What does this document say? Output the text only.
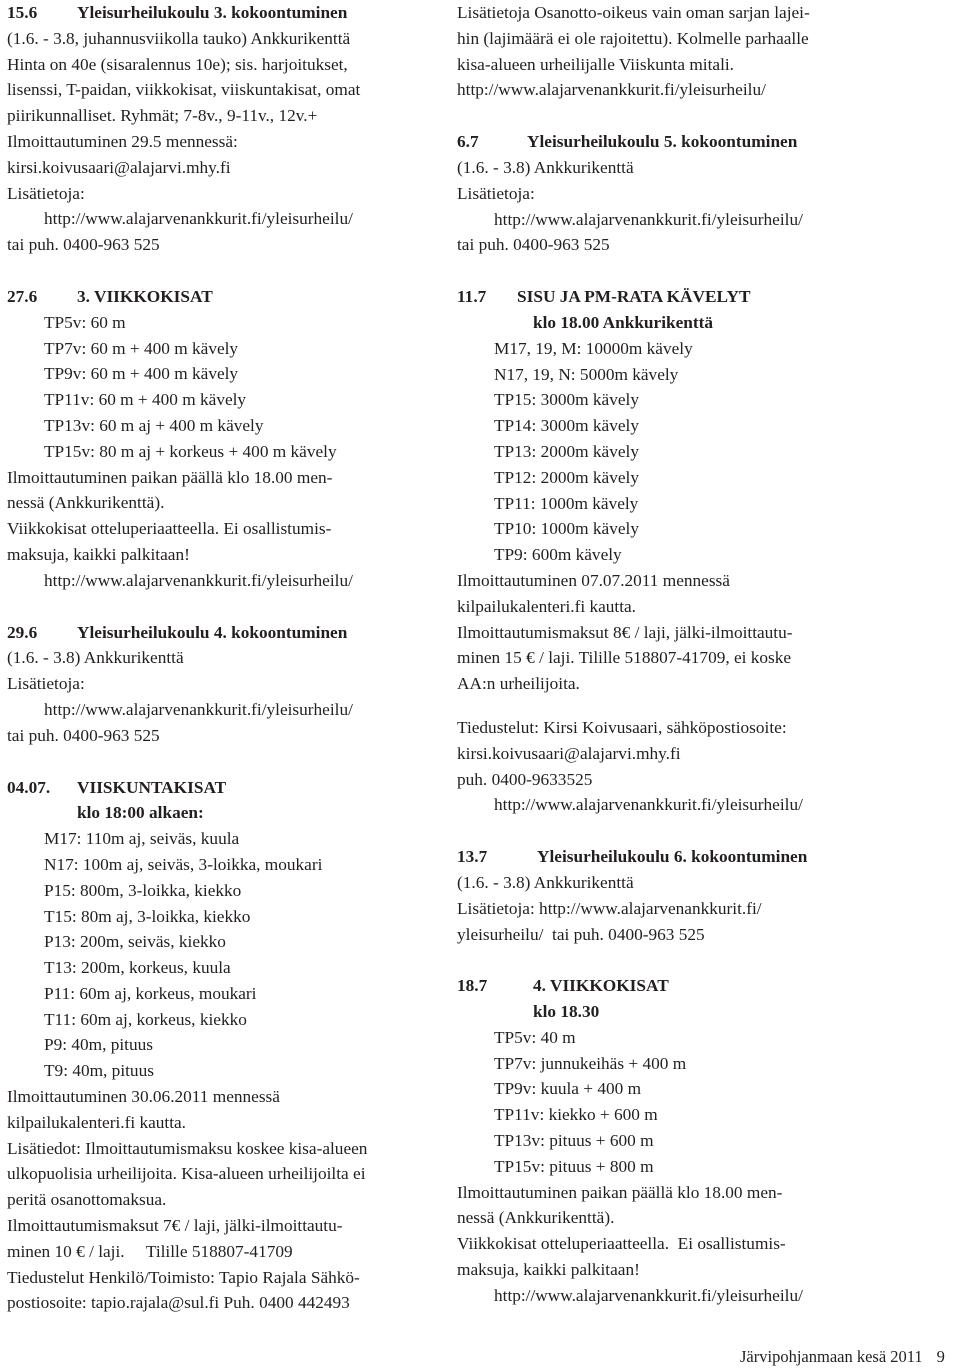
15.6 Yleisurheilukoulu 3. kokoontuminen
(1.6. - 3.8, juhannusviikolla tauko) Ankkurikenttä
Hinta on 40e (sisaralennus 10e); sis. harjoitukset,
lisenssi, T-paidan, viikkokisat, viiskuntakisat, omat
piirikunnalliset. Ryhmät; 7-8v., 9-11v., 12v.+
Ilmoittautuminen 29.5 mennessä:
kirsi.koivusaari@alajarvi.mhy.fi
Lisätietoja:
http://www.alajarvenankkurit.fi/yleisurheilu/
tai puh. 0400-963 525
27.6 3. VIIKKOKISAT
TP5v: 60 m
TP7v: 60 m + 400 m kävely
TP9v: 60 m + 400 m kävely
TP11v: 60 m + 400 m kävely
TP13v: 60 m aj + 400 m kävely
TP15v: 80 m aj + korkeus + 400 m kävely
Ilmoittautuminen paikan päällä klo 18.00 men-
nessä (Ankkurikenttä).
Viikkokisat otteluperiaatteella. Ei osallistumis-
maksuja, kaikki palkitaan!
http://www.alajarvenankkurit.fi/yleisurheilu/
29.6 Yleisurheilukoulu 4. kokoontuminen
(1.6. - 3.8) Ankkurikenttä
Lisätietoja:
http://www.alajarvenankkurit.fi/yleisurheilu/
tai puh. 0400-963 525
04.07. VIISKUNTAKISAT
klo 18:00 alkaen:
M17: 110m aj, seiväs, kuula
N17: 100m aj, seiväs, 3-loikka, moukari
P15: 800m, 3-loikka, kiekko
T15: 80m aj, 3-loikka, kiekko
P13: 200m, seiväs, kiekko
T13: 200m, korkeus, kuula
P11: 60m aj, korkeus, moukari
T11: 60m aj, korkeus, kiekko
P9: 40m, pituus
T9: 40m, pituus
Ilmoittautuminen 30.06.2011 mennessä
kilpailukalenteri.fi kautta.
Lisätiedot: Ilmoittautumismaksu koskee kisa-alueen
ulkopuolisia urheilijoita. Kisa-alueen urheilijoilta ei
peritä osanottomaksua.
Ilmoittautumismaksut 7€ / laji, jälki-ilmoittautu-
minen 10 € / laji.     Tilille 518807-41709
Tiedustelut Henkilö/Toimisto: Tapio Rajala Sähkö-
postiosoite: tapio.rajala@sul.fi Puh. 0400 442493
Lisätietoja Osanotto-oikeus vain oman sarjan lajei-
hin (lajimäärä ei ole rajoitettu). Kolmelle parhaalle
kisa-alueen urheilijalle Viiskunta mitali.
http://www.alajarvenankkurit.fi/yleisurheilu/
6.7	Yleisurheilukoulu 5. kokoontuminen
(1.6. - 3.8) Ankkurikenttä
Lisätietoja:
http://www.alajarvenankkurit.fi/yleisurheilu/
tai puh. 0400-963 525
11.7 SISU JA PM-RATA KÄVELYT
klo 18.00 Ankkurikenttä
M17, 19, M: 10000m kävely
N17, 19, N: 5000m kävely
TP15: 3000m kävely
TP14: 3000m kävely
TP13: 2000m kävely
TP12: 2000m kävely
TP11: 1000m kävely
TP10: 1000m kävely
TP9: 600m kävely
Ilmoittautuminen 07.07.2011 mennessä
kilpailukalenteri.fi kautta.
Ilmoittautumismaksut 8€ / laji, jälki-ilmoittautu-
minen 15 € / laji. Tilille 518807-41709, ei koske
AA:n urheilijoita.
Tiedustelut: Kirsi Koivusaari, sähköpostiosoite:
kirsi.koivusaari@alajarvi.mhy.fi
puh. 0400-9633525
http://www.alajarvenankkurit.fi/yleisurheilu/
13.7	Yleisurheilukoulu 6. kokoontuminen
(1.6. - 3.8) Ankkurikenttä
Lisätietoja: http://www.alajarvenankkurit.fi/
yleisurheilu/  tai puh. 0400-963 525
18.7	4. VIIKKOKISAT
klo 18.30
TP5v: 40 m
TP7v: junnukeihäs + 400 m
TP9v: kuula + 400 m
TP11v: kiekko + 600 m
TP13v: pituus + 600 m
TP15v: pituus + 800 m
Ilmoittautuminen paikan päällä klo 18.00 men-
nessä (Ankkurikenttä).
Viikkokisat otteluperiaatteella.  Ei osallistumis-
maksuja, kaikki palkitaan!
http://www.alajarvenankkurit.fi/yleisurheilu/
Järvipohjanmaan kesä 2011 9
